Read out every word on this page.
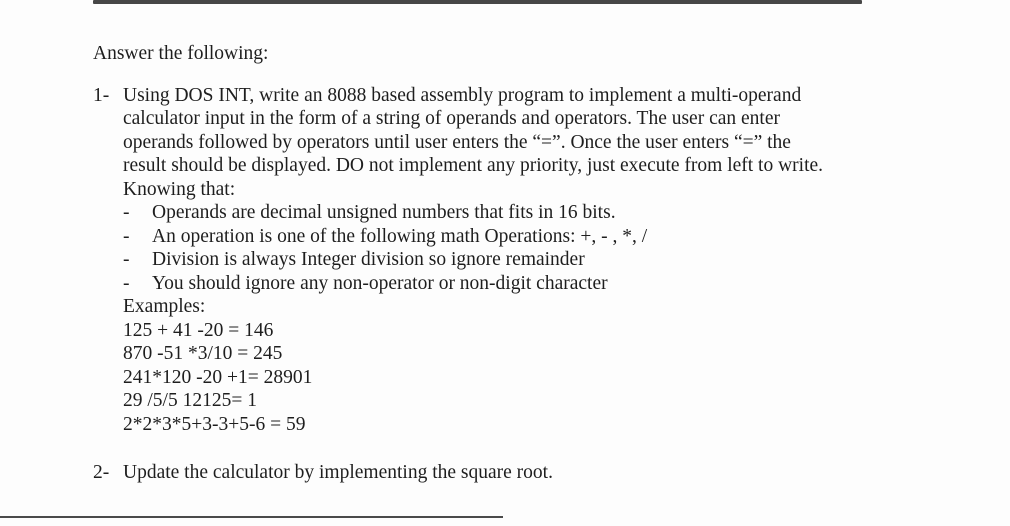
Answer the following:

1- Using DOS INT, write an 8088 based assembly program to implement a multi-operand
calculator input in the form of a string of operands and operators. The user can enter
operands followed by operators until user enters the “=”. Once the user enters “=” the
result should be displayed. DO not implement any priority, just execute from left to write.
Knowing that:
-	Operands are decimal unsigned numbers that fits in 16 bits.
-	An operation is one of the following math Operations: +, - , *, /
-	Division is always Integer division so ignore remainder
-	You should ignore any non-operator or non-digit character
Examples:
125 + 41 -20 = 146
870 -51 *3/10 = 245
241*120 -20 +1= 28901
29 /5/5 12125= 1
2*2*3*5+3-3+5-6 = 59
2- Update the calculator by implementing the square root.
